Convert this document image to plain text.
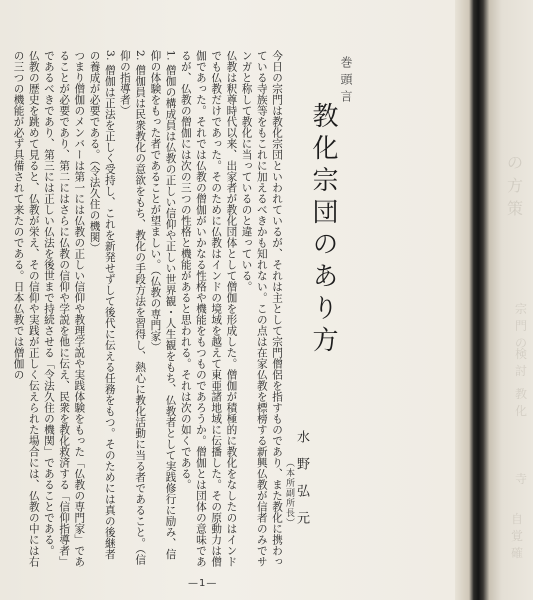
の方策
宗門の
検討
教化
寺
自覚確
巻頭言
教化宗団のあり方
水野弘元
（本所副所長）

今日の宗門は教化宗団といわれているが、それは主として宗門僧侶を指すものであり、また教化に携わっている寺族等をもこれに加えるべきかも知れない。この点は在家仏教を標榜する新興仏教が信者のみでサンガと称して教化に当っているのと違っている。

仏教は釈尊時代以来、出家者が教化団体として僧伽を形成した。僧伽が積極的に教化をなしたのはインドでも仏教だけであった。そのために仏教はインドの境域を越えて東亜諸地域に伝播した。その原動力は僧伽であった。それでは仏教の僧伽がいかなる性格や機能をもつものであろうか。僧伽とは団体の意味であるが、仏教の僧伽には次の三つの性格と機能があると思われる。それは次の如くである。

1. 僧伽の構成員は仏教の正しい信仰や正しい世界観・人生観をもち、仏教者として実践修行に励み、信仰の体験をもった者であることが望ましい。（仏教の専門家）

2. 僧伽員は民衆教化の意欲をもち、教化の手段方法を習得し、熱心に教化活動に当る者であること。（信仰の指導者）

3. 僧伽は正法を正しく受持し、これを新発せずして後代に伝える任務をもつ。そのためには真の後継者の養成が必要である。（令法久住の機関）

つまり僧伽のメンバーは第一には仏教の正しい信仰や教理学説や実践体験をもった「仏教の専門家」であることが必要であり、第二にはさらに仏教の信仰や学説を他に伝え、民衆を教化救済する「信仰指導者」であるべきであり、第三には正しい仏法を後世まで持続させる「令法久住の機関」であることである。

仏教の歴史を跳めて見ると、仏教が栄え、その信仰や実践が正しく伝えられた場合には、仏教の中には右の三つの機能が必ず具備されて来たのである。日本仏教では僧伽の

—1—
